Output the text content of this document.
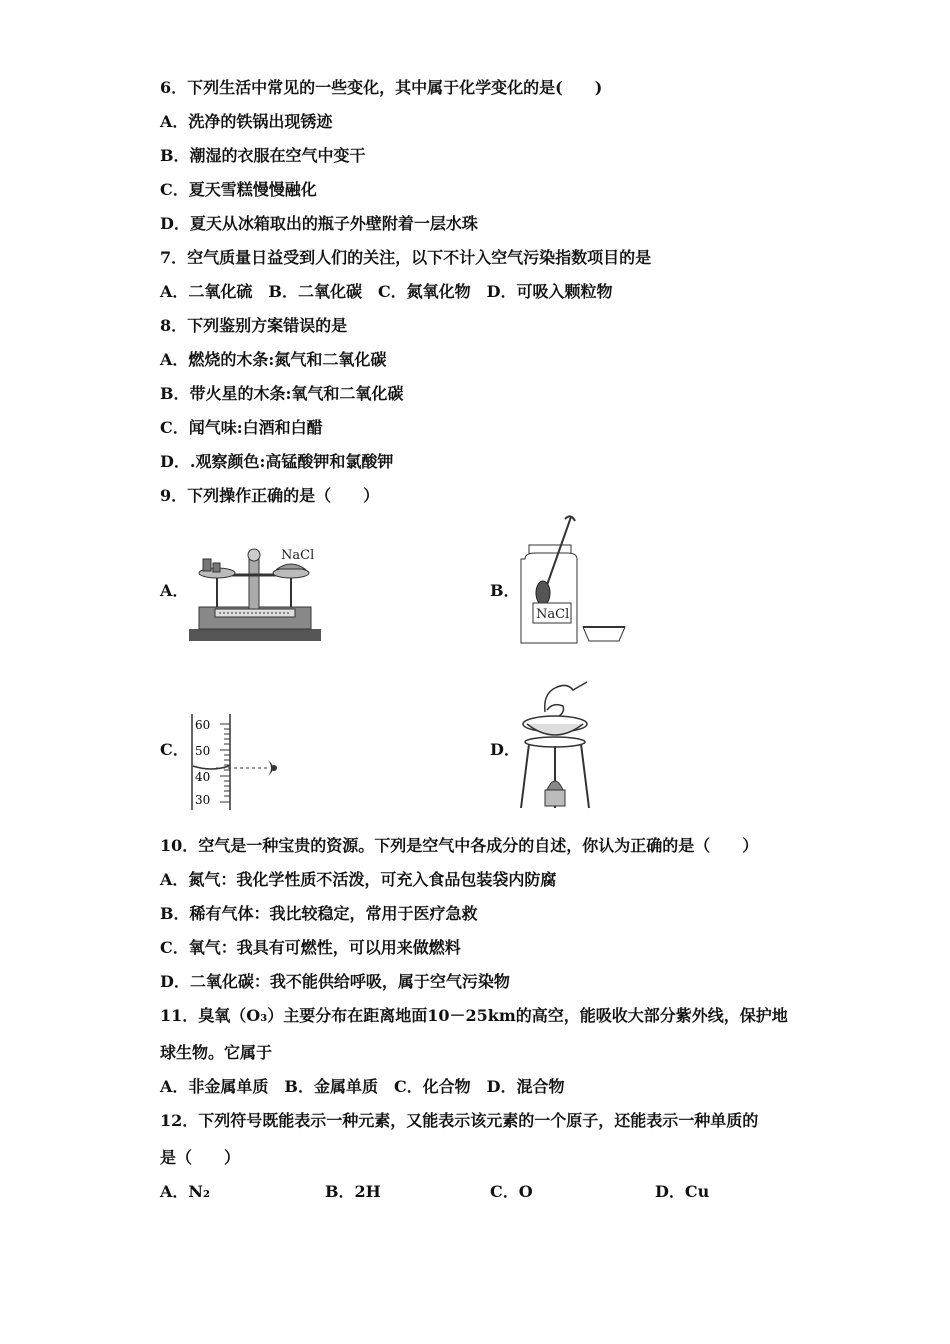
6．下列生活中常见的一些变化，其中属于化学变化的是(　　)
A．洗净的铁锅出现锈迹
B．潮湿的衣服在空气中变干
C．夏天雪糕慢慢融化
D．夏天从冰箱取出的瓶子外壁附着一层水珠
7．空气质量日益受到人们的关注，以下不计入空气污染指数项目的是
A．二氧化硫　B．二氧化碳　C．氮氧化物　D．可吸入颗粒物
8．下列鉴别方案错误的是
A．燃烧的木条:氮气和二氧化碳
B．带火星的木条:氧气和二氧化碳
C．闻气味:白酒和白醋
D．.观察颜色:高锰酸钾和氯酸钾
9．下列操作正确的是（　　）
A．
NaCl
B．
NaCl
C．
60
50
40
30
D．
10．空气是一种宝贵的资源。下列是空气中各成分的自述，你认为正确的是（　　）
A．氮气：我化学性质不活泼，可充入食品包装袋内防腐
B．稀有气体：我比较稳定，常用于医疗急救
C．氧气：我具有可燃性，可以用来做燃料
D．二氧化碳：我不能供给呼吸，属于空气污染物
11．臭氧（O₃）主要分布在距离地面10－25km的高空，能吸收大部分紫外线，保护地
球生物。它属于
A．非金属单质　B．金属单质　C．化合物　D．混合物
12．下列符号既能表示一种元素，又能表示该元素的一个原子，还能表示一种单质的
是（　　）
A．N₂	B．2H	C．O	D．Cu
